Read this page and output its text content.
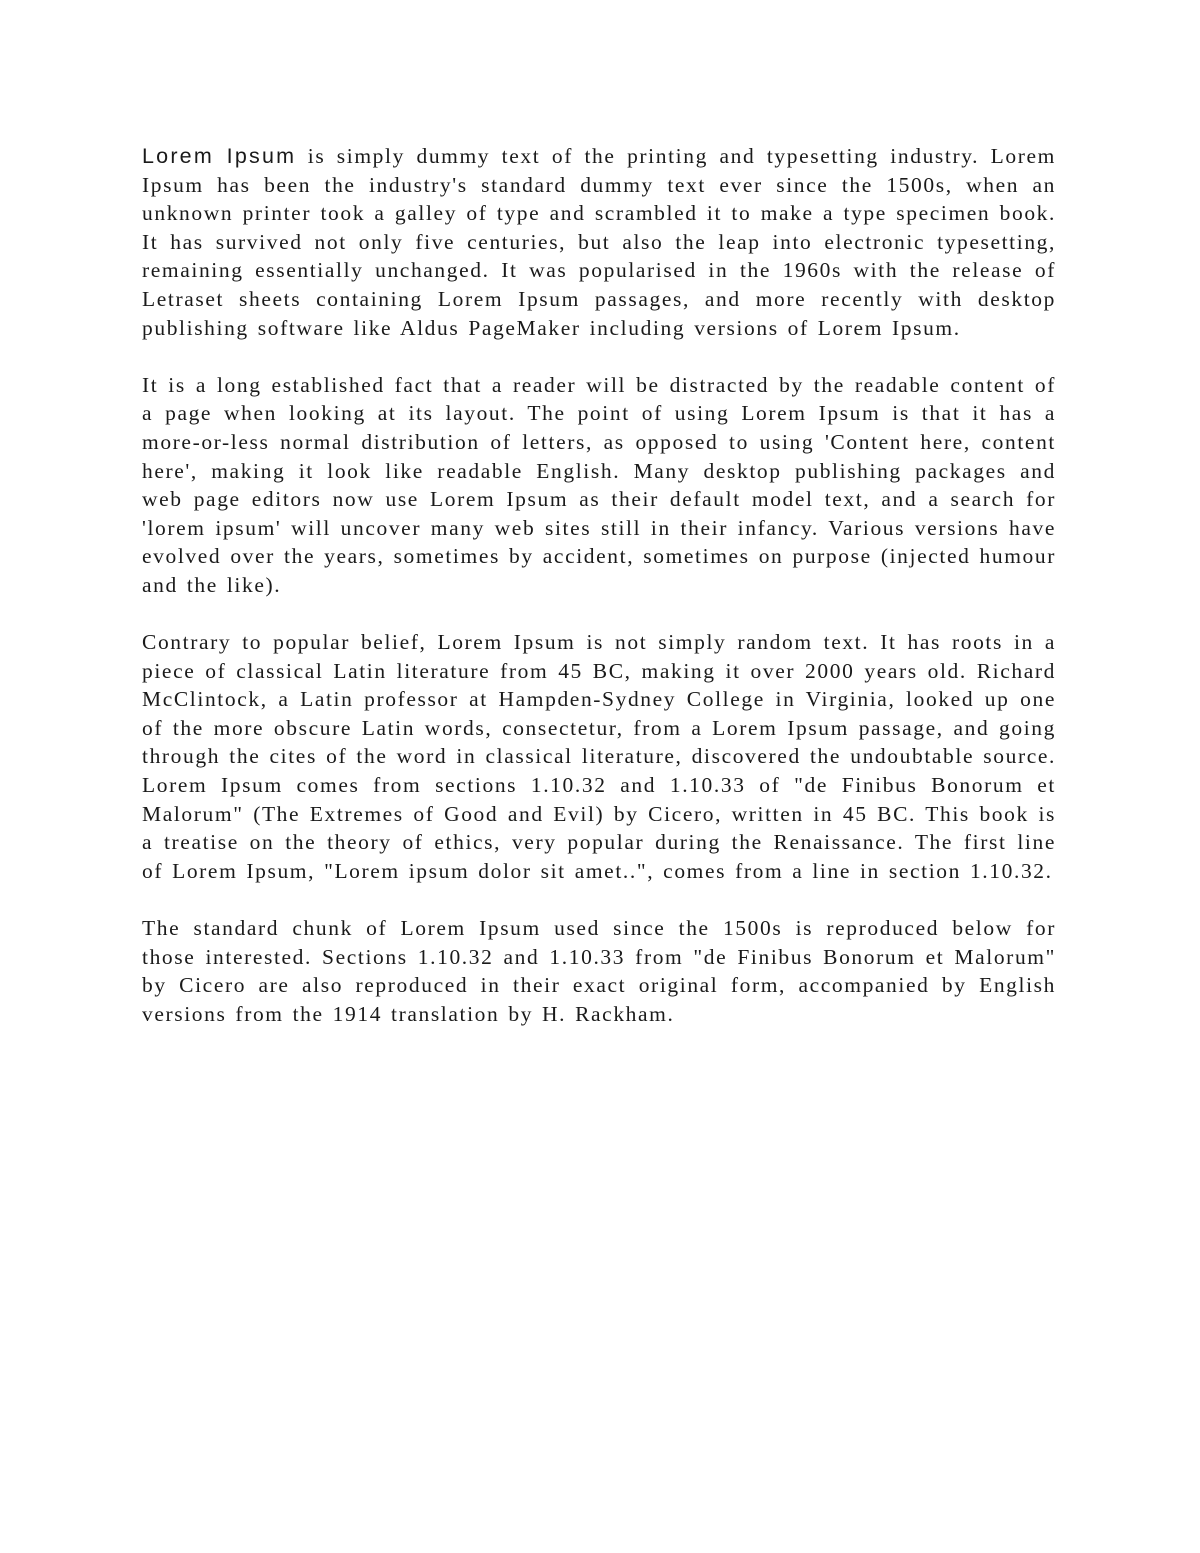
Lorem Ipsum is simply dummy text of the printing and typesetting industry. Lorem Ipsum has been the industry's standard dummy text ever since the 1500s, when an unknown printer took a galley of type and scrambled it to make a type specimen book. It has survived not only five centuries, but also the leap into electronic typesetting, remaining essentially unchanged. It was popularised in the 1960s with the release of Letraset sheets containing Lorem Ipsum passages, and more recently with desktop publishing software like Aldus PageMaker including versions of Lorem Ipsum.

It is a long established fact that a reader will be distracted by the readable content of a page when looking at its layout. The point of using Lorem Ipsum is that it has a more-or-less normal distribution of letters, as opposed to using 'Content here, content here', making it look like readable English. Many desktop publishing packages and web page editors now use Lorem Ipsum as their default model text, and a search for 'lorem ipsum' will uncover many web sites still in their infancy. Various versions have evolved over the years, sometimes by accident, sometimes on purpose (injected humour and the like).

Contrary to popular belief, Lorem Ipsum is not simply random text. It has roots in a piece of classical Latin literature from 45 BC, making it over 2000 years old. Richard McClintock, a Latin professor at Hampden-Sydney College in Virginia, looked up one of the more obscure Latin words, consectetur, from a Lorem Ipsum passage, and going through the cites of the word in classical literature, discovered the undoubtable source. Lorem Ipsum comes from sections 1.10.32 and 1.10.33 of "de Finibus Bonorum et Malorum" (The Extremes of Good and Evil) by Cicero, written in 45 BC. This book is a treatise on the theory of ethics, very popular during the Renaissance. The first line of Lorem Ipsum, "Lorem ipsum dolor sit amet..", comes from a line in section 1.10.32.

The standard chunk of Lorem Ipsum used since the 1500s is reproduced below for those interested. Sections 1.10.32 and 1.10.33 from "de Finibus Bonorum et Malorum" by Cicero are also reproduced in their exact original form, accompanied by English versions from the 1914 translation by H. Rackham.
